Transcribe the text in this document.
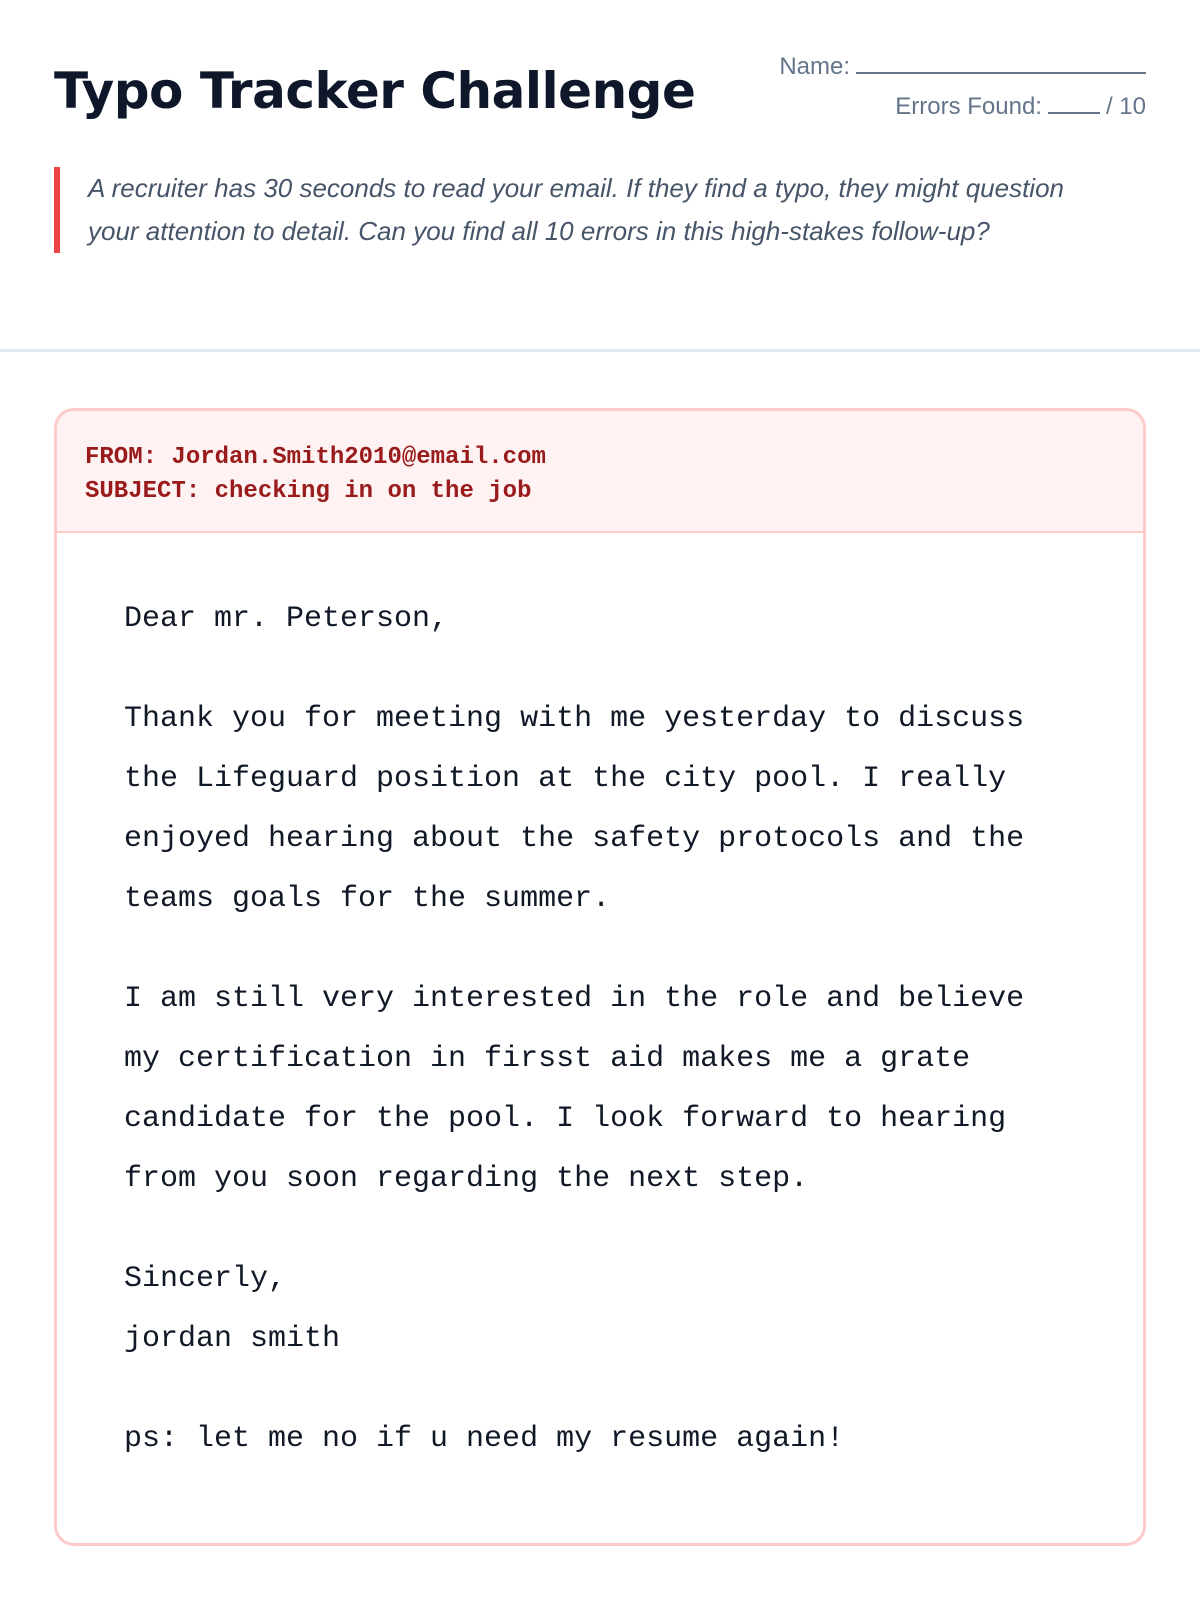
Typo Tracker Challenge	Name:
Errors Found:	/ 10
A recruiter has 30 seconds to read your email. If they find a typo, they might question your attention to detail. Can you find all 10 errors in this high-stakes follow-up?
FROM: Jordan.Smith2010@email.com
SUBJECT: checking in on the job

Dear mr. Peterson,

Thank you for meeting with me yesterday to discuss
the Lifeguard position at the city pool. I really
enjoyed hearing about the safety protocols and the
teams goals for the summer.

I am still very interested in the role and believe
my certification in firsst aid makes me a grate
candidate for the pool. I look forward to hearing
from you soon regarding the next step.

Sincerly,

jordan smith

ps: let me no if u need my resume again!
